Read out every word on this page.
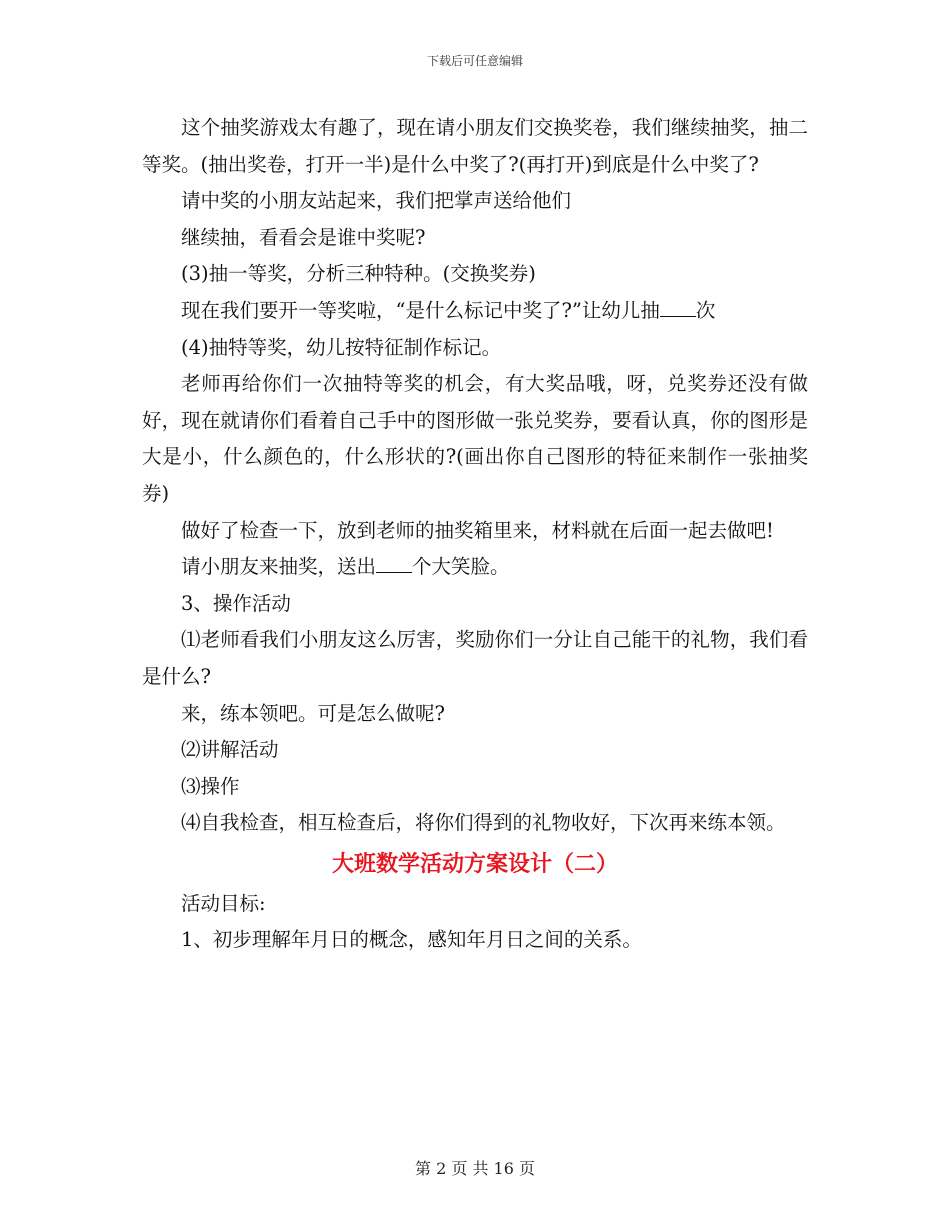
下载后可任意编辑

这个抽奖游戏太有趣了，现在请小朋友们交换奖卷，我们继续抽奖，抽二等奖。(抽出奖卷，打开一半)是什么中奖了?(再打开)到底是什么中奖了?

请中奖的小朋友站起来，我们把掌声送给他们

继续抽，看看会是谁中奖呢?

(3)抽一等奖，分析三种特种。(交换奖券)

现在我们要开一等奖啦，“是什么标记中奖了?”让幼儿抽 次

(4)抽特等奖，幼儿按特征制作标记。

老师再给你们一次抽特等奖的机会，有大奖品哦，呀，兑奖券还没有做好，现在就请你们看着自己手中的图形做一张兑奖券，要看认真，你的图形是大是小，什么颜色的，什么形状的?(画出你自己图形的特征来制作一张抽奖券)

做好了检查一下，放到老师的抽奖箱里来，材料就在后面一起去做吧!

请小朋友来抽奖，送出 个大笑脸。

3、操作活动

⑴老师看我们小朋友这么厉害，奖励你们一分让自己能干的礼物，我们看是什么?

来，练本领吧。可是怎么做呢?

⑵讲解活动

⑶操作

⑷自我检查，相互检查后，将你们得到的礼物收好，下次再来练本领。

大班数学活动方案设计（二）

活动目标:

1、初步理解年月日的概念，感知年月日之间的关系。

第 2 页 共 16 页
